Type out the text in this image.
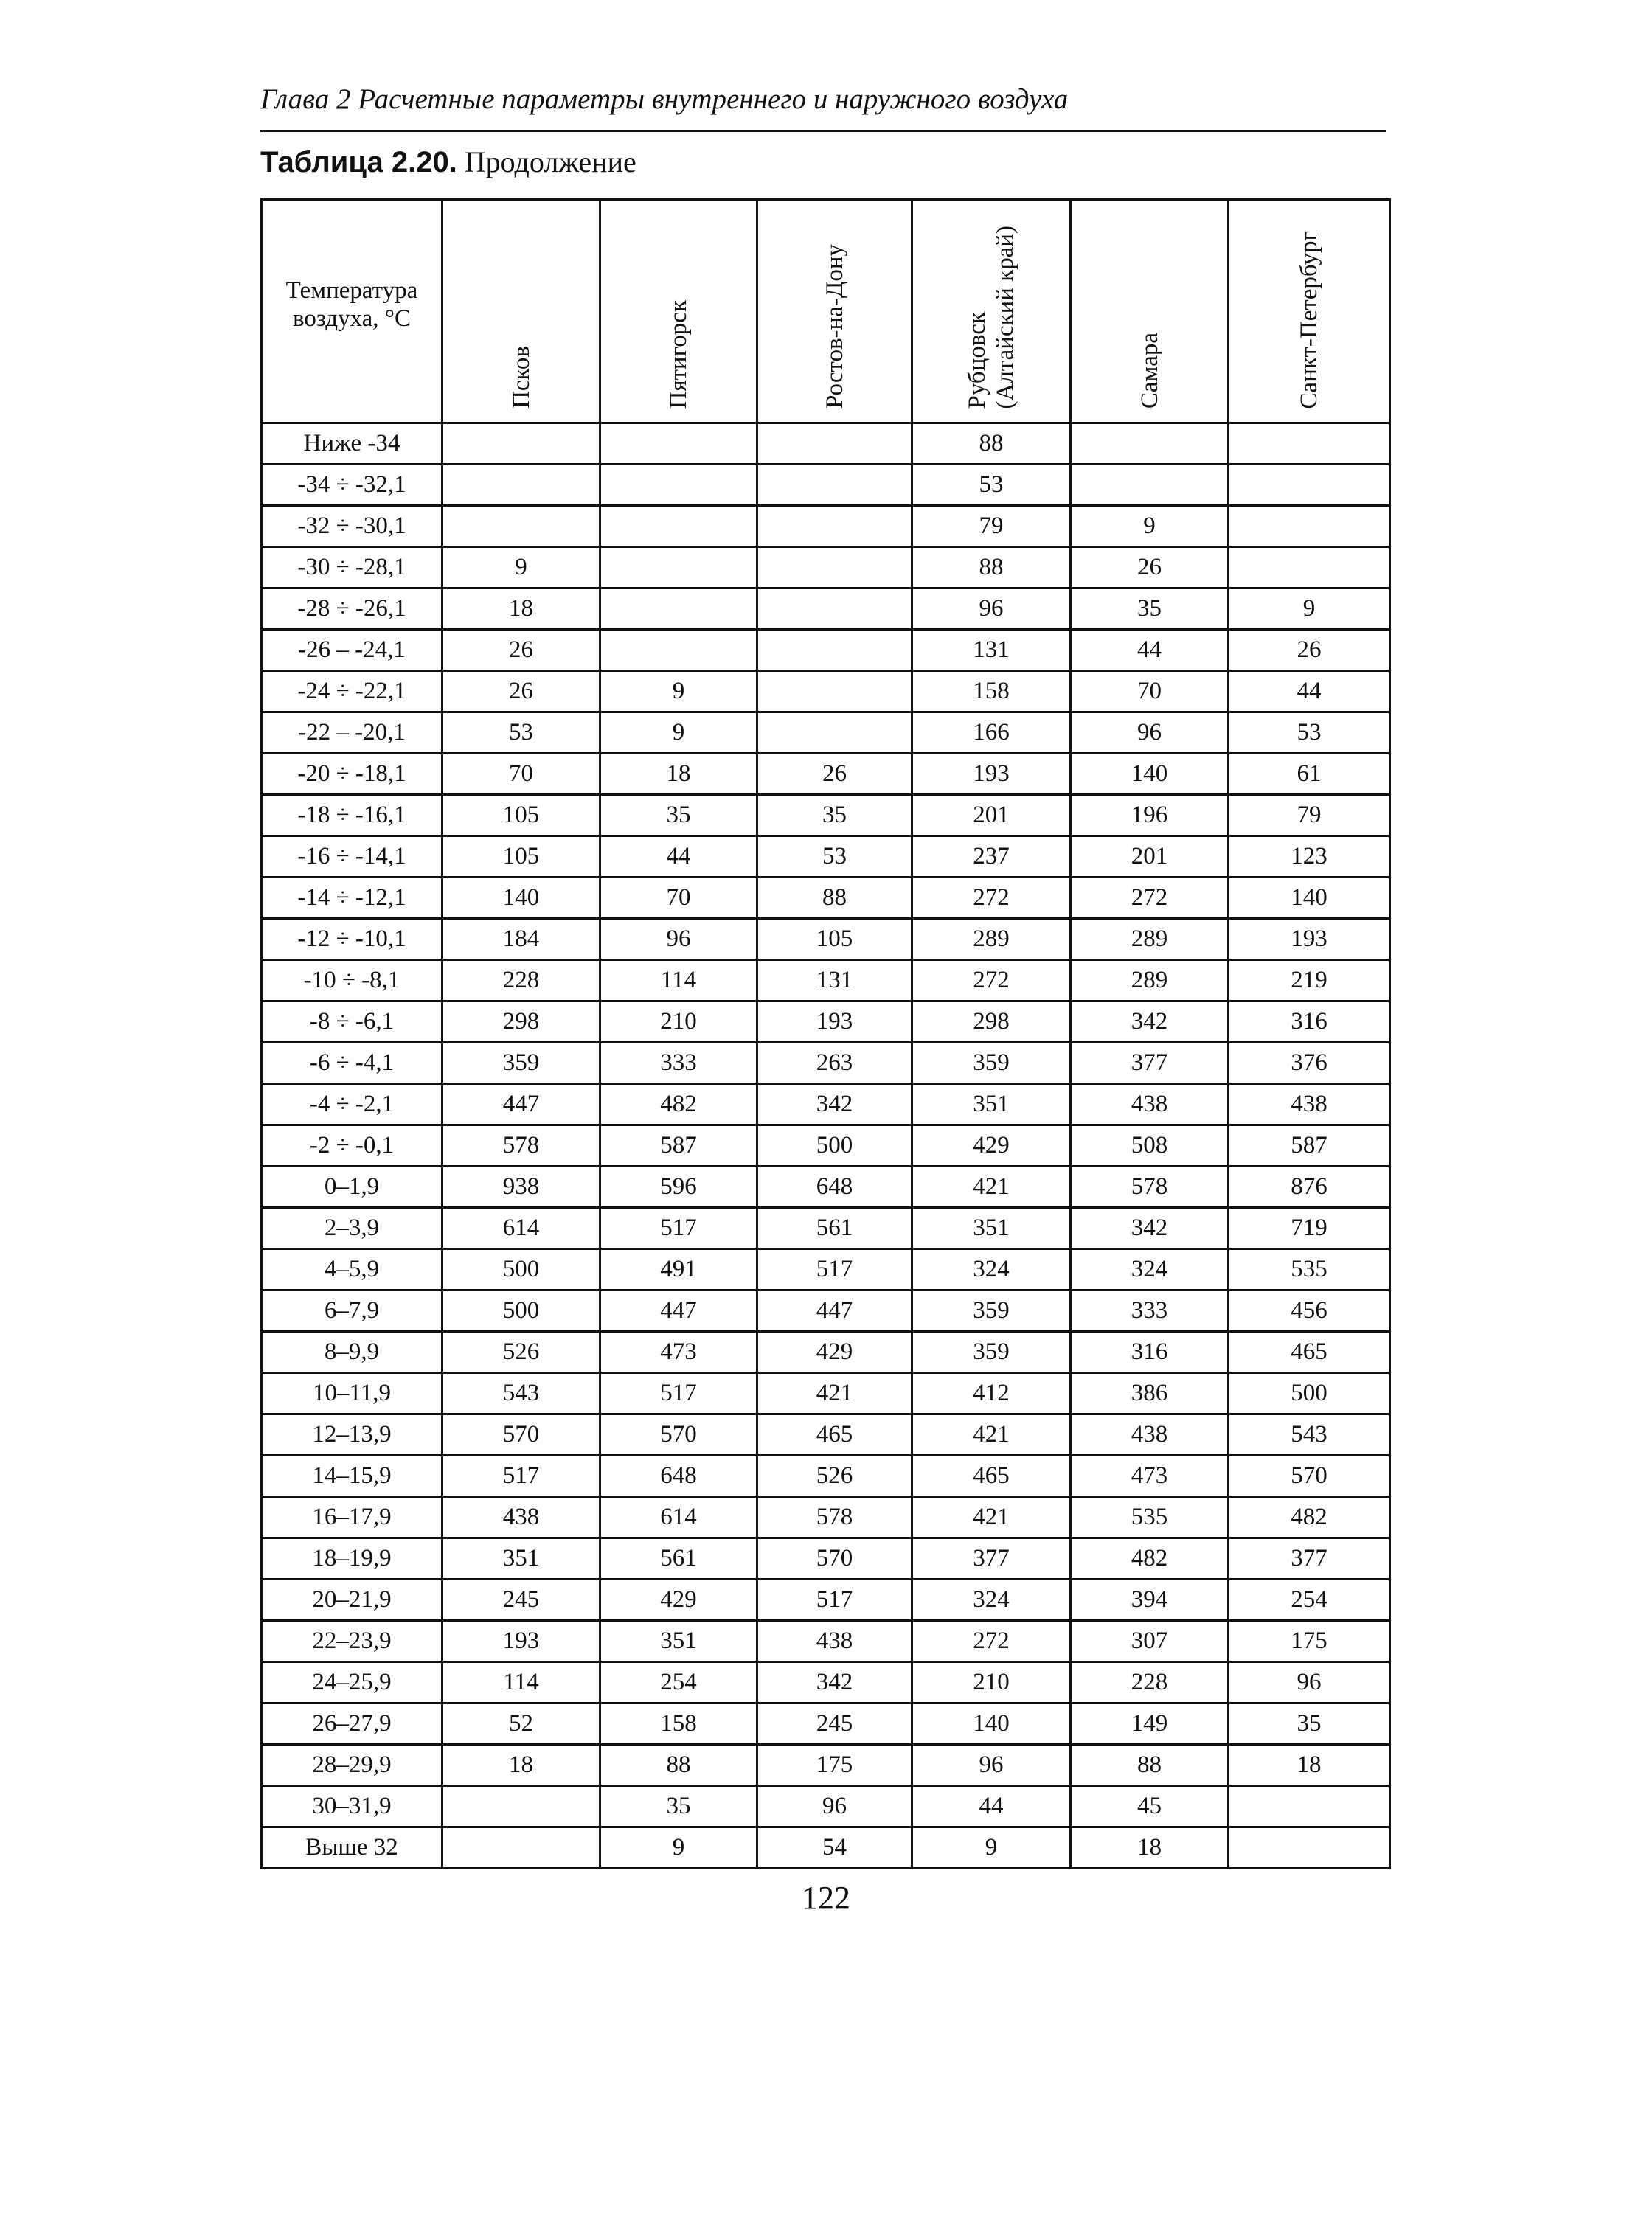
Глава 2 Расчетные параметры внутреннего и наружного воздуха
Таблица 2.20. Продолжение
Температура воздуха, °С	Псков	Пятигорск	Ростов-на-Дону	Рубцовск (Алтайский край)	Самара	Санкт-Петербург

Ниже -34				88		
-34 ÷ -32,1				53		
-32 ÷ -30,1				79	9	
-30 ÷ -28,1	9			88	26	
-28 ÷ -26,1	18			96	35	9
-26 – -24,1	26			131	44	26
-24 ÷ -22,1	26	9		158	70	44
-22 – -20,1	53	9		166	96	53
-20 ÷ -18,1	70	18	26	193	140	61
-18 ÷ -16,1	105	35	35	201	196	79
-16 ÷ -14,1	105	44	53	237	201	123
-14 ÷ -12,1	140	70	88	272	272	140
-12 ÷ -10,1	184	96	105	289	289	193
-10 ÷ -8,1	228	114	131	272	289	219
-8 ÷ -6,1	298	210	193	298	342	316
-6 ÷ -4,1	359	333	263	359	377	376
-4 ÷ -2,1	447	482	342	351	438	438
-2 ÷ -0,1	578	587	500	429	508	587
0–1,9	938	596	648	421	578	876
2–3,9	614	517	561	351	342	719
4–5,9	500	491	517	324	324	535
6–7,9	500	447	447	359	333	456
8–9,9	526	473	429	359	316	465
10–11,9	543	517	421	412	386	500
12–13,9	570	570	465	421	438	543
14–15,9	517	648	526	465	473	570
16–17,9	438	614	578	421	535	482
18–19,9	351	561	570	377	482	377
20–21,9	245	429	517	324	394	254
22–23,9	193	351	438	272	307	175
24–25,9	114	254	342	210	228	96
26–27,9	52	158	245	140	149	35
28–29,9	18	88	175	96	88	18
30–31,9		35	96	44	45	
Выше 32		9	54	9	18	
122
